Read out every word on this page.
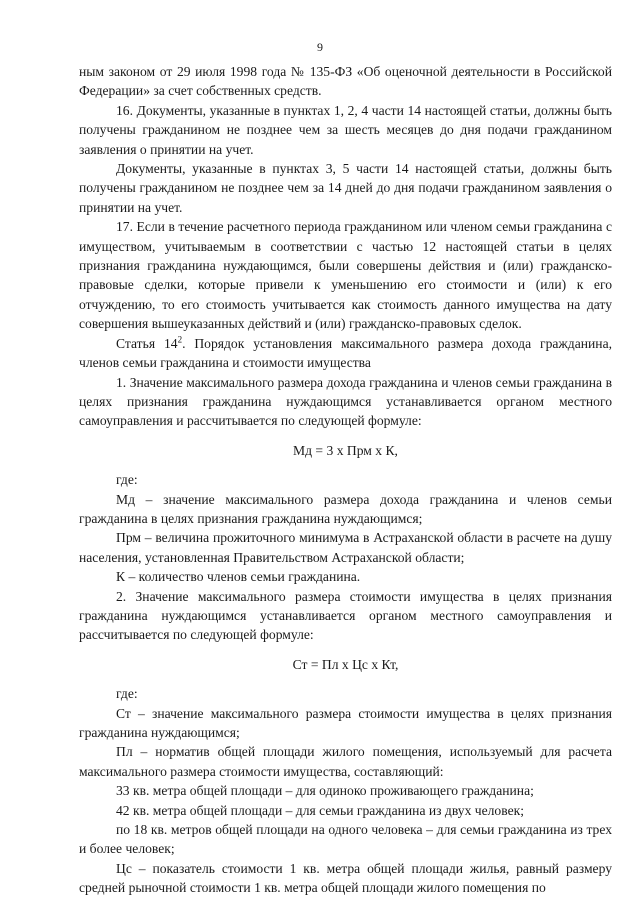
9

ным законом от 29 июля 1998 года № 135-ФЗ «Об оценочной деятельности в Российской Федерации» за счет собственных средств.

16. Документы, указанные в пунктах 1, 2, 4 части 14 настоящей статьи, должны быть получены гражданином не позднее чем за шесть месяцев до дня подачи гражданином заявления о принятии на учет.

Документы, указанные в пунктах 3, 5 части 14 настоящей статьи, должны быть получены гражданином не позднее чем за 14 дней до дня подачи гражданином заявления о принятии на учет.

17. Если в течение расчетного периода гражданином или членом семьи гражданина с имуществом, учитываемым в соответствии с частью 12 настоящей статьи в целях признания гражданина нуждающимся, были совершены действия и (или) гражданско-правовые сделки, которые привели к уменьшению его стоимости и (или) к его отчуждению, то его стоимость учитывается как стоимость данного имущества на дату совершения вышеуказанных действий и (или) гражданско-правовых сделок.

Статья $14^2$. Порядок установления максимального размера дохода гражданина, членов семьи гражданина и стоимости имущества

1. Значение максимального размера дохода гражданина и членов семьи гражданина в целях признания гражданина нуждающимся устанавливается органом местного самоуправления и рассчитывается по следующей формуле:

Мд = 3 х Прм х К,

где:

Мд – значение максимального размера дохода гражданина и членов семьи гражданина в целях признания гражданина нуждающимся;

Прм – величина прожиточного минимума в Астраханской области в расчете на душу населения, установленная Правительством Астраханской области;

К – количество членов семьи гражданина.

2. Значение максимального размера стоимости имущества в целях признания гражданина нуждающимся устанавливается органом местного самоуправления и рассчитывается по следующей формуле:

Ст = Пл х Цс х Кт,

где:

Ст – значение максимального размера стоимости имущества в целях признания гражданина нуждающимся;

Пл – норматив общей площади жилого помещения, используемый для расчета максимального размера стоимости имущества, составляющий:

33 кв. метра общей площади – для одиноко проживающего гражданина;

42 кв. метра общей площади – для семьи гражданина из двух человек;

по 18 кв. метров общей площади на одного человека – для семьи гражданина из трех и более человек;

Цс – показатель стоимости 1 кв. метра общей площади жилья, равный размеру средней рыночной стоимости 1 кв. метра общей площади жилого помещения по
